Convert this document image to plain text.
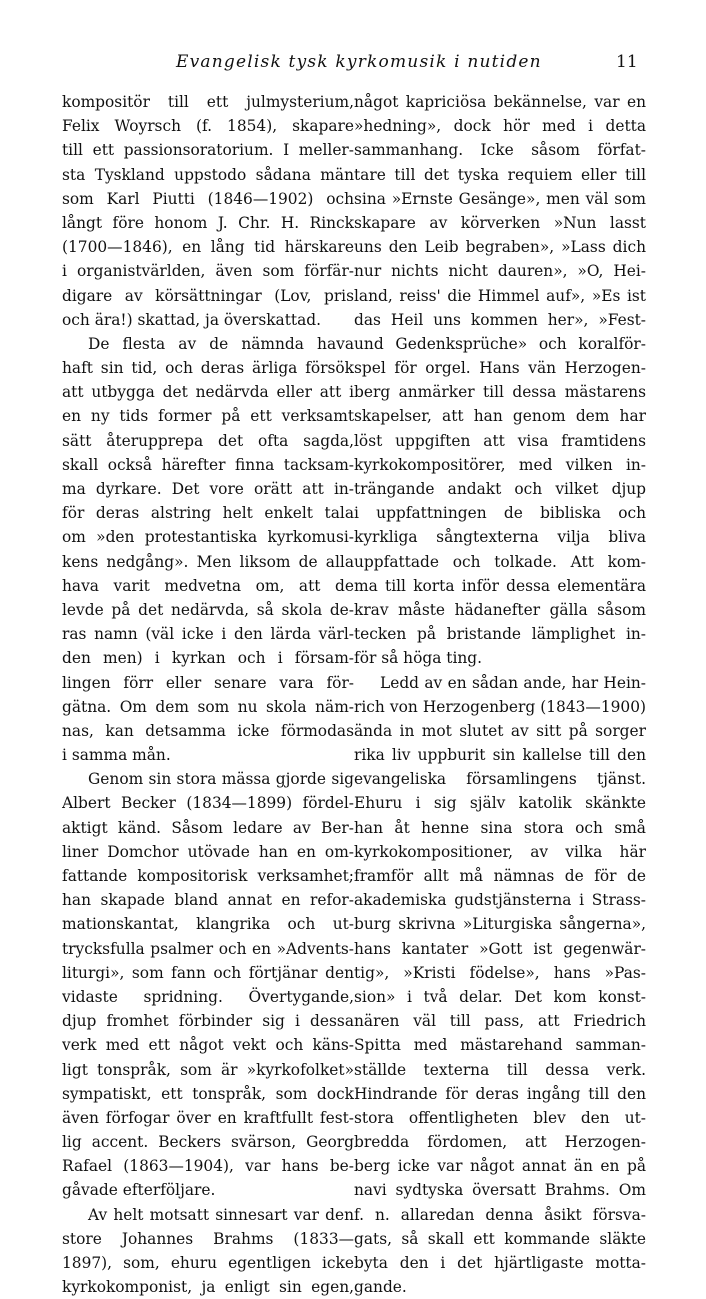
Evangelisk tysk kyrkomusik i nutiden	11
kompositör till ett julmysterium,
Felix Woyrsch (f. 1854), skapare
till ett passionsoratorium. I meller-
sta Tyskland uppstodo sådana män
som Karl Piutti (1846—1902) och
långt före honom J. Chr. H. Rinck
(1700—1846), en lång tid härskare
i organistvärlden, även som förfär-
digare av körsättningar (Lov, pris
och ära!) skattad, ja överskattad.
De flesta av de nämnda hava
haft sin tid, och deras ärliga försök
att utbygga det nedärvda eller att i
en ny tids former på ett verksamt
sätt återupprepa det ofta sagda,
skall också härefter finna tacksam-
ma dyrkare. Det vore orätt att in-
för deras alstring helt enkelt tala
om »den protestantiska kyrkomusi-
kens nedgång». Men liksom de alla
hava varit medvetna om, att de
levde på det nedärvda, så skola de-
ras namn (väl icke i den lärda värl-
den men) i kyrkan och i försam-
lingen förr eller senare vara för-
gätna. Om dem som nu skola näm-
nas, kan detsamma icke förmodas
i samma mån.
Genom sin stora mässa gjorde sig
Albert Becker (1834—1899) fördel-
aktigt känd. Såsom ledare av Ber-
liner Domchor utövade han en om-
fattande kompositorisk verksamhet;
han skapade bland annat en refor-
mationskantat, klangrika och ut-
trycksfulla psalmer och en »Advents-
liturgi», som fann och förtjänar den
vidaste spridning. Övertygande,
djup fromhet förbinder sig i dessa
verk med ett något vekt och käns-
ligt tonspråk, som är »kyrkofolket»
sympatiskt, ett tonspråk, som dock
även förfogar över en kraftfullt fest-
lig accent. Beckers svärson, Georg
Rafael (1863—1904), var hans be-
gåvade efterföljare.
Av helt motsatt sinnesart var den
store Johannes Brahms (1833—
1897), som, ehuru egentligen icke
kyrkokomponist, ja enligt sin egen,
något kapriciösa bekännelse, var en
»hedning», dock hör med i detta
sammanhang. Icke såsom förfat-
tare till det tyska requiem eller till
sina »Ernste Gesänge», men väl som
skapare av körverken »Nun lasst
uns den Leib begraben», »Lass dich
nur nichts nicht dauren», »O, Hei-
land, reiss' die Himmel auf», »Es ist
das Heil uns kommen her», »Fest-
und Gedenksprüche» och koralför-
spel för orgel. Hans vän Herzogen-
berg anmärker till dessa mästarens
skapelser, att han genom dem har
löst uppgiften att visa framtidens
kyrkokompositörer, med vilken in-
trängande andakt och vilket djup
i uppfattningen de bibliska och
kyrkliga sångtexterna vilja bliva
uppfattade och tolkade. Att kom-
ma till korta inför dessa elementära
krav måste hädanefter gälla såsom
tecken på bristande lämplighet in-
för så höga ting.
Ledd av en sådan ande, har Hein-
rich von Herzogenberg (1843—1900)
ända in mot slutet av sitt på sorger
rika liv uppburit sin kallelse till den
evangeliska församlingens tjänst.
Ehuru i sig själv katolik skänkte
han åt henne sina stora och små
kyrkokompositioner, av vilka här
framför allt må nämnas de för de
akademiska gudstjänsterna i Strass-
burg skrivna »Liturgiska sångerna»,
hans kantater »Gott ist gegenwär-
tig», »Kristi födelse», hans »Pas-
sion» i två delar. Det kom konst-
nären väl till pass, att Friedrich
Spitta med mästarehand samman-
ställde texterna till dessa verk.
Hindrande för deras ingång till den
stora offentligheten blev den ut-
bredda fördomen, att Herzogen-
berg icke var något annat än en på
navi sydtyska översatt Brahms. Om
f. n. allaredan denna åsikt försva-
gats, så skall ett kommande släkte
byta den i det hjärtligaste motta-
gande.
